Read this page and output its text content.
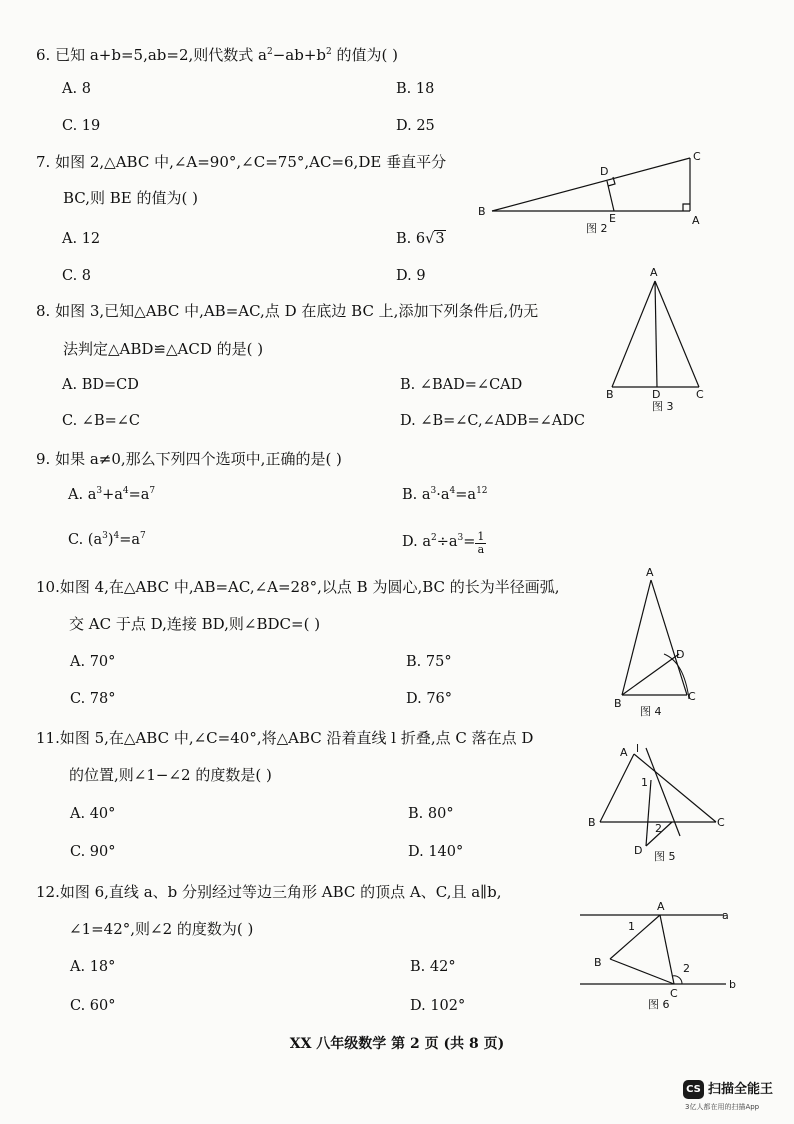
6. 已知 a+b=5,ab=2,则代数式 $a^2-ab+b^2$ 的值为( )
A. 8	B. 18
C. 19	D. 25
7. 如图 2,△ABC 中,∠A=90°,∠C=75°,AC=6,DE 垂直平分
BC,则 BE 的值为( )
A. 12	B. 6√3
C. 8	D. 9
B
C
A
D
E
图 2
8. 如图 3,已知△ABC 中,AB=AC,点 D 在底边 BC 上,添加下列条件后,仍无
法判定△ABD≌△ACD 的是( )
A. BD=CD	B. ∠BAD=∠CAD
C. ∠B=∠C	D. ∠B=∠C,∠ADB=∠ADC
A
B	D	C
图 3
9. 如果 a≠0,那么下列四个选项中,正确的是( )
A. $a^3+a^4=a^7$	B. $a^3\cdot a^4=a^{12}$
C. $(a^3)^4=a^7$	D. $a^2\div a^3= \frac{1}{a}$
10.如图 4,在△ABC 中,AB=AC,∠A=28°,以点 B 为圆心,BC 的长为半径画弧,
交 AC 于点 D,连接 BD,则∠BDC=( )
A. 70°	B. 75°
C. 78°	D. 76°
A
D
B
C
图 4
11.如图 5,在△ABC 中,∠C=40°,将△ABC 沿着直线 l 折叠,点 C 落在点 D
的位置,则∠1−∠2 的度数是( )
A. 40°	B. 80°
C. 90°	D. 140°
A l
1
B	C
2
D 图 5
12.如图 6,直线 a、b 分别经过等边三角形 ABC 的顶点 A、C,且 a∥b,
∠1=42°,则∠2 的度数为( )
A. 18°	B. 42°
C. 60°	D. 102°
A
a
1
B	2
C
b
图 6
XX 八年级数学 第 2 页 (共 8 页)
CS 扫描全能王
3亿人都在用的扫描App
